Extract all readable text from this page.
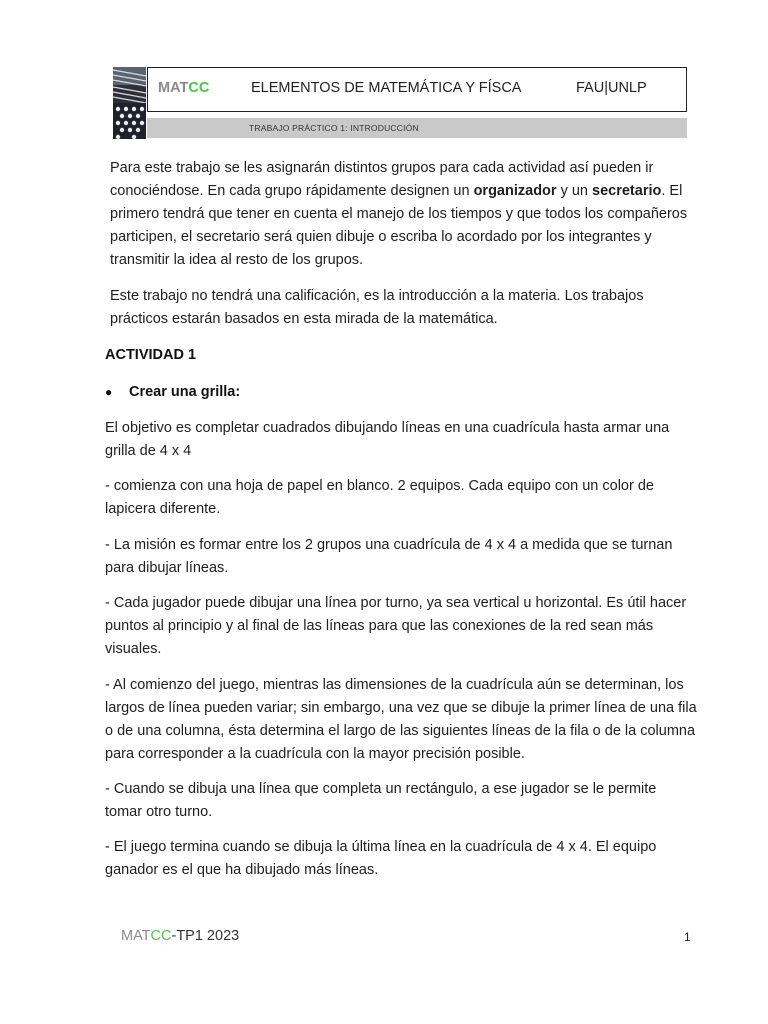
MATCC	ELEMENTOS DE MATEMÁTICA Y FÍSCA	FAU|UNLP
TRABAJO PRÁCTICO 1: INTRODUCCIÓN
Para este trabajo se les asignarán distintos grupos para cada actividad así pueden ir conociéndose. En cada grupo rápidamente designen un organizador y un secretario. El primero tendrá que tener en cuenta el manejo de los tiempos y que todos los compañeros participen, el secretario será quien dibuje o escriba lo acordado por los integrantes y transmitir la idea al resto de los grupos.
Este trabajo no tendrá una calificación, es la introducción a la materia. Los trabajos prácticos estarán basados en esta mirada de la matemática.
ACTIVIDAD 1
● Crear una grilla:
El objetivo es completar cuadrados dibujando líneas en una cuadrícula hasta armar una grilla de 4 x 4
- comienza con una hoja de papel en blanco. 2 equipos. Cada equipo con un color de lapicera diferente.
- La misión es formar entre los 2 grupos una cuadrícula de 4 x 4 a medida que se turnan para dibujar líneas.
- Cada jugador puede dibujar una línea por turno, ya sea vertical u horizontal. Es útil hacer puntos al principio y al final de las líneas para que las conexiones de la red sean más visuales.
- Al comienzo del juego, mientras las dimensiones de la cuadrícula aún se determinan, los largos de línea pueden variar; sin embargo, una vez que se dibuje la primer línea de una fila o de una columna, ésta determina el largo de las siguientes líneas de la fila o de la columna para corresponder a la cuadrícula con la mayor precisión posible.
- Cuando se dibuja una línea que completa un rectángulo, a ese jugador se le permite tomar otro turno.
- El juego termina cuando se dibuja la última línea en la cuadrícula de 4 x 4. El equipo ganador es el que ha dibujado más líneas.
MATCC-TP1 2023	1
